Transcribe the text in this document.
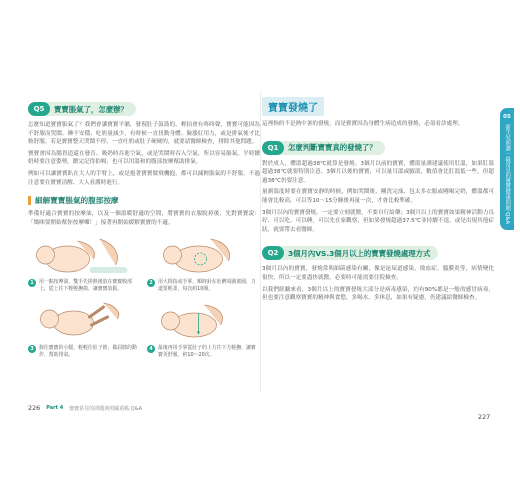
Q5	寶寶脹氣了，怎麼辦？

怎麼知道寶寶脹氣了？我們會讓寶寶平躺，發現肚子鼓鼓的，輕拍會有咚咚聲，寶寶可能因為不舒服而哭鬧、睡不安穩、吃奶量減少，有時候一直扭動身體、臉漲紅用力，或是排氣後才比較舒服。若是寶寶整天哭鬧不停、一直吐奶或肚子硬硬的，就要請醫師檢查，排除其他問題。

寶寶會因為腸胃道還在發育、吸奶時吞進空氣，或是哭鬧時吞入空氣，所以容易脹氣。平時餵奶時要注意姿勢，餵完記得拍嗝，也可以用溫和的腹部按摩幫助排氣。

例如可以讓寶寶趴在大人的手臂上，或是抱著寶寶做飛機抱，都可以減輕脹氣的不舒服，不過注意要在寶寶清醒、大人看護時進行。

細解寶寶脹氣的腹部按摩

準備好適合寶寶的按摩油，以及一個溫暖舒適的空間，將寶寶的衣服脫掉後，先對寶寶說：「媽咪要開始幫你按摩囉！」接著再開始緩解寶寶的不適。

1	用一點按摩油，雙手先搓熱後放在寶寶腹部上，從上往下輕輕撫摸，讓寶寶放鬆。
2	用大拇指或手掌，順時針在肚臍周圍畫圈，力道要輕柔，每次約10圈。
3	握住寶寶的小腿，輕輕往肚子推，做屈膝的動作，幫助排氣。
4	最後再用手掌從肚子的上方往下方輕撫，讓寶寶更舒服，約10〜20次。
寶寶發燒了

這裡指的不是熱中暑的發燒，而是寶寶因為身體生病造成的發燒，必須看診處理。

Q1	怎麼判斷寶寶真的發燒了？

對於成人，體溫超過38℃就算是發燒。3個月以前的寶寶，體溫量測建議使用肛溫，如果肛溫超過38℃就要特別注意。3個月以後的寶寶，可以量耳溫或腋溫，數值會比肛溫低一些，但超過38℃仍要注意。

量測溫度時要在寶寶安靜的時候，例如哭鬧後、剛洗完澡、包太多衣服或剛喝完奶，體溫都可能會比較高，可以等10〜15分鐘後再量一次，才會比較準確。

3個月以內的寶寶發燒，一定要立刻就醫，不要自行給藥；3個月以上的寶寶如果精神活動力良好、可以吃、可以睡，可以先在家觀察，但如果發燒超過37.5℃並持續不退，或是出現其他症狀，就要帶去看醫師。

Q2	3個月內VS.3個月以上的寶寶發燒處理方式

3個月以內的寶寶，發燒常與細菌感染有關，像是泌尿道感染、敗血症、腦膜炎等，病情變化很快，所以一定要盡快就醫，必要時可能需要住院檢查。

以我們經驗來看，3個月以上的寶寶發燒大部分是病毒感染，約有90%都是一般的感冒病毒，但也要注意觀察寶寶的精神與食慾，多喝水、多休息，如果有疑慮，仍建議給醫師檢查。

05
新生兒照護｜最常見的寶寶健康問題 Q&A
226 Part 4 寶寶常見的問題與照顧重點 Q&A
227
